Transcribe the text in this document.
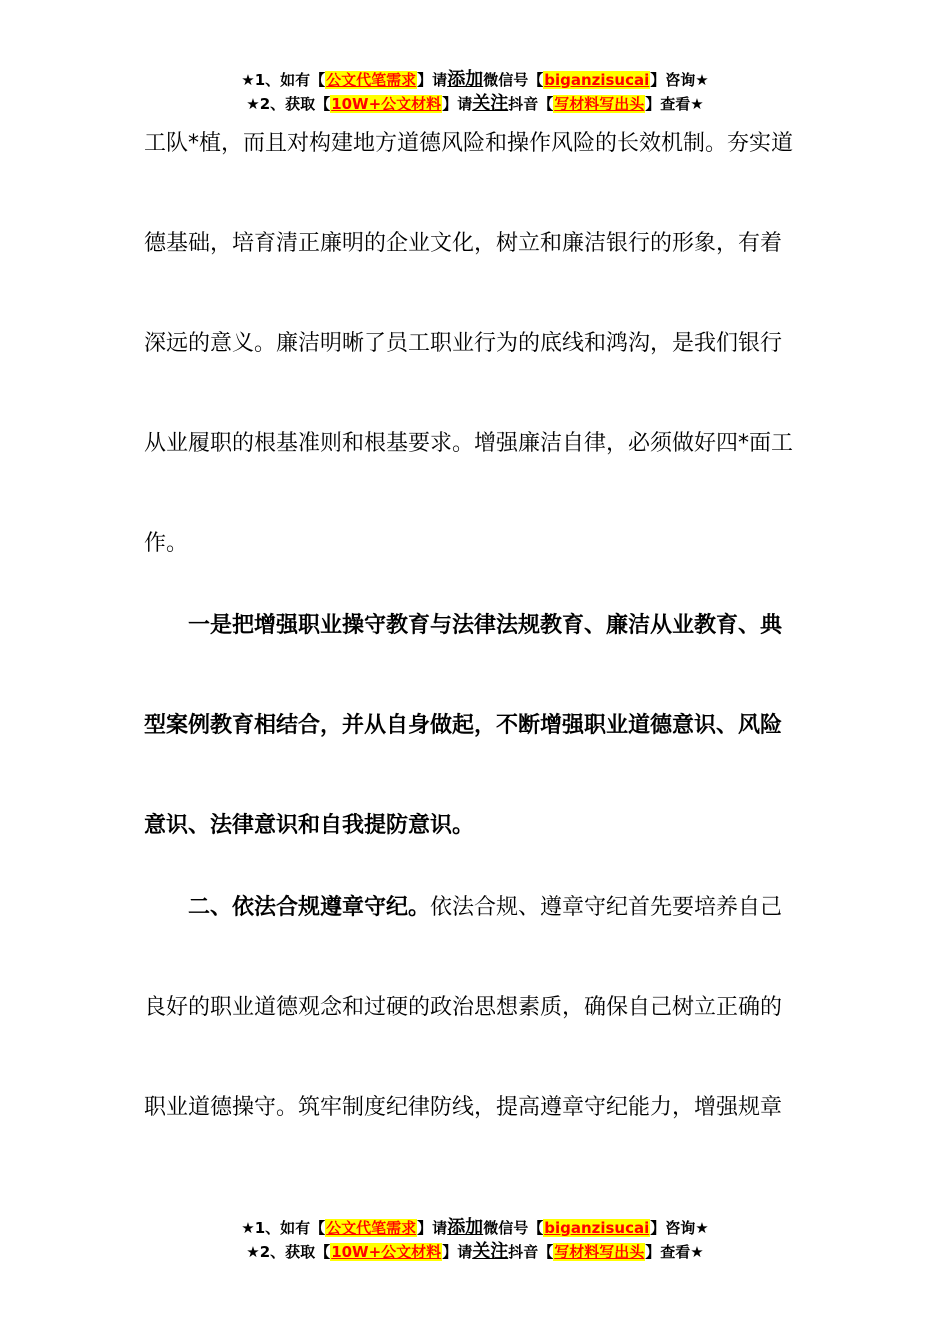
★1、如有【公文代笔需求】请添加微信号【biganzisucai】咨询★
★2、获取【10W+公文材料】请关注抖音【写材料写出头】查看★
工队*植，而且对构建地方道德风险和操作风险的长效机制。夯实道
德基础，培育清正廉明的企业文化，树立和廉洁银行的形象，有着
深远的意义。廉洁明晰了员工职业行为的底线和鸿沟，是我们银行
从业履职的根基准则和根基要求。增强廉洁自律，必须做好四*面工
作。
一是把增强职业操守教育与法律法规教育、廉洁从业教育、典
型案例教育相结合，并从自身做起，不断增强职业道德意识、风险
意识、法律意识和自我提防意识。
二、依法合规遵章守纪。依法合规、遵章守纪首先要培养自己
良好的职业道德观念和过硬的政治思想素质，确保自己树立正确的
职业道德操守。筑牢制度纪律防线，提高遵章守纪能力，增强规章
★1、如有【公文代笔需求】请添加微信号【biganzisucai】咨询★
★2、获取【10W+公文材料】请关注抖音【写材料写出头】查看★
